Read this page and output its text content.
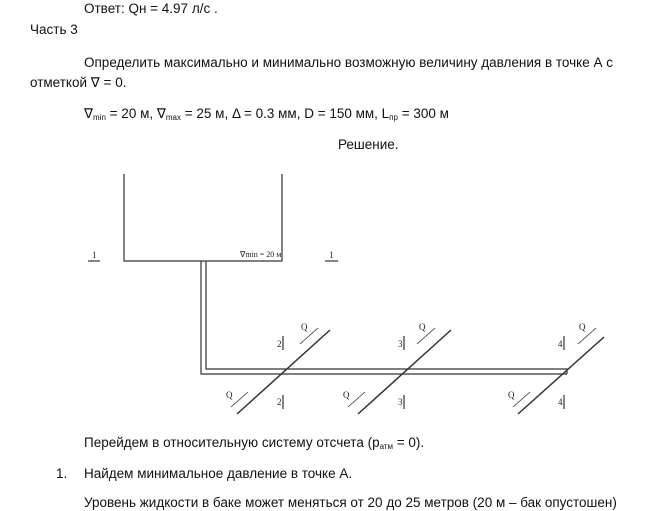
Ответ: Qн = 4.97 л/с .
Часть 3
Определить максимально и минимально возможную величину давления в точке А с
отметкой ∇ = 0.
$\nabla_{min} = 20$ м, $\nabla_{max} = 25$ м, Δ = 0.3 мм, D = 150 мм, $L_{пр} = 300$ м
Решение.
∇min = 20 м
1	1
2
2
3
3
4
4
Q	Q	Q
Q	Q	Q
Перейдем в относительную систему отсчета $(p_{атм} = 0)$.
1. Найдем минимальное давление в точке А.
Уровень жидкости в баке может меняться от 20 до 25 метров (20 м – бак опустошен)
